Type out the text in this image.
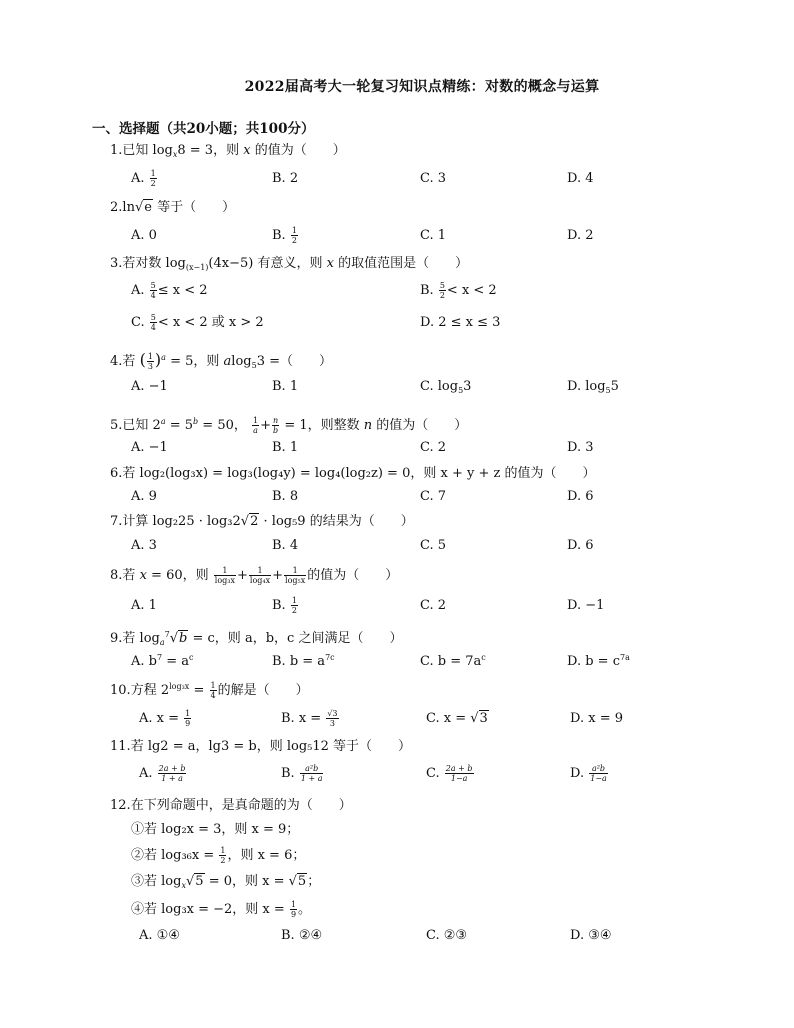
2022届高考大一轮复习知识点精练：对数的概念与运算
一、选择题（共20小题；共100分）
1.已知 $\log_x8 = 3$，则 x 的值为（　　）
A. $\frac{1}{2}$	B. 2	C. 3	D. 4
2.ln√e 等于（　　）
A. 0	B. $\frac{1}{2}$	C. 1	D. 2
3.若对数 $\log_{(x-1)}(4x-5)$ 有意义，则 x 的取值范围是（　　）
A. $\frac{5}{4} \le x < 2$	B. $\frac{5}{2} < x < 2$
C. $\frac{5}{4} < x < 2$ 或 x > 2	D. 2 ≤ x ≤ 3
4.若 ( $\frac{1}{3} )^a = 5$，则 alog$_5$3 =（　　）
A. −1	B. 1	C. $\log_53$	D. $\log_55$
5.已知 $2^a = 5^b = 50$， $\frac{1}{a} + \frac{n}{b} = 1$，则整数 n 的值为（　　）
A. −1	B. 1	C. 2	D. 3
6.若 log₂(log₃x) = log₃(log₄y) = log₄(log₂z) = 0，则 x + y + z 的值为（　　）
A. 9	B. 8	C. 7	D. 6
7.计算 log₂25 · log₃2√2 · log₅9 的结果为（　　）
A. 3	B. 4	C. 5	D. 6
8.若 x = 60，则 $\frac{1}{\text{log₃x}} + \frac{1}{\text{log₄x}} + \frac{1}{\text{log₅x}}$ 的值为（　　）
A. 1	B. $\frac{1}{2}$	C. 2	D. −1
9.若 $\log_a^7√b = c$，则 a，b，c 之间满足（　　）
A. $b^7 = a^c$	B. $b = a^{7c}$	C. $b = 7a^c$	D. $b = c^{7a}$
10.方程 $2^{log_3x} = \frac{1}{4}$ 的解是（　　）
A. $x = \frac{1}{9}$	B. $x = \frac{√3}{3}$	C. x = √3	D. x = 9
11.若 lg2 = a，lg3 = b，则 log₅12 等于（　　）
A. $\frac{2a + b}{1 + a}$	B. $\frac{\text{a²b}}{1 + a}$	C. $\frac{2a + b}{1-a}$	D. $\frac{\text{a²b}}{1-a}$
12.在下列命题中，是真命题的为（　　）
①若 log₂x = 3，则 x = 9；
②若 $\log_{36}x = \frac{1}{2}$ ，则 x = 6；
③若 $\log_x√5 = 0$，则 x = √5；
④若 log₃x = −2，则 $x = \frac{1}{9}$ 。
A. ①④	B. ②④	C. ②③	D. ③④
